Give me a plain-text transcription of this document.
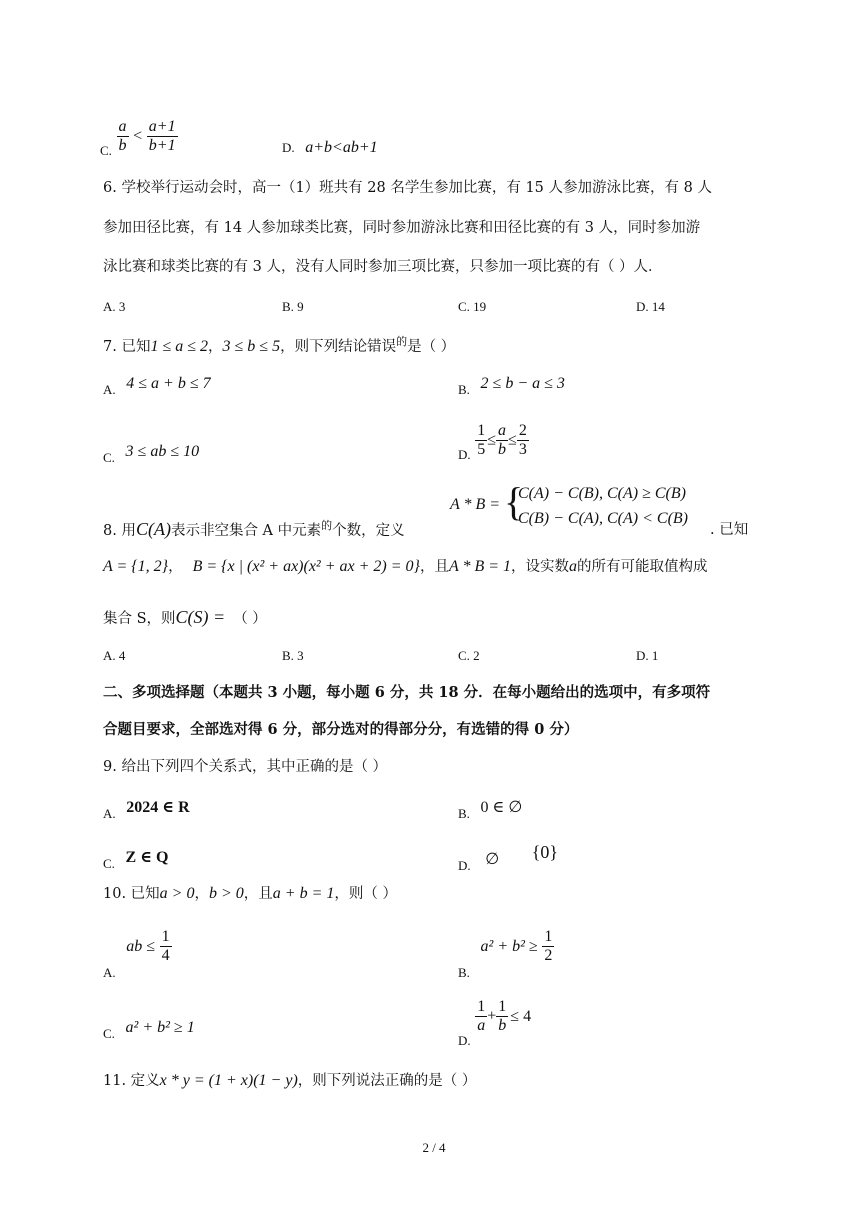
C. $\frac{a}{b} < \frac{a+1}{b+1}$	D. a+b<ab+1
6. 学校举行运动会时，高一（1）班共有 28 名学生参加比赛，有 15 人参加游泳比赛，有 8 人
参加田径比赛，有 14 人参加球类比赛，同时参加游泳比赛和田径比赛的有 3 人，同时参加游
泳比赛和球类比赛的有 3 人，没有人同时参加三项比赛，只参加一项比赛的有（ ）人．
A. 3	B. 9	C. 19	D. 14
7. 已知1 ≤ a ≤ 2，3 ≤ b ≤ 5，则下列结论错误$^的$是（ ）
A. 4 ≤ a + b ≤ 7	B. 2 ≤ b − a ≤ 3
C. 3 ≤ ab ≤ 10	D. $\frac{1}{5} \le \frac{a}{b} \le \frac{2}{3}$
8. 用C(A)表示非空集合 A 中元素$^的$个数，定义
A * B = {
C(A) − C(B), C(A) ≥ C(B)
C(B) − C(A), C(A) < C(B)
. 已知
A = {1, 2}， B = {x | (x² + ax)(x² + ax + 2) = 0}，且A * B = 1，设实数a的所有可能取值构成
集合 S，则C(S) = （ ）
A. 4	B. 3	C. 2	D. 1
二、多项选择题（本题共 3 小题，每小题 6 分，共 18 分．在每小题给出的选项中，有多项符
合题目要求，全部选对得 6 分，部分选对的得部分分，有选错的得 0 分）
9. 给出下列四个关系式，其中正确的是（ ）
A. 2024 ∈ R	B. 0 ∈ ∅
C. Z ∈ Q	D. ∅ {0}
10. 已知a > 0，b > 0，且a + b = 1，则（ ）
A. ab ≤ $\frac{1}{4}$
B. $a^2 + b^2 \ge \frac{1}{2}$
C. a² + b² ≥ 1
D.
$\frac{1}{a} + \frac{1}{b} \le 4$
11. 定义x * y = (1 + x)(1 − y)，则下列说法正确的是（ ）
2 / 4
